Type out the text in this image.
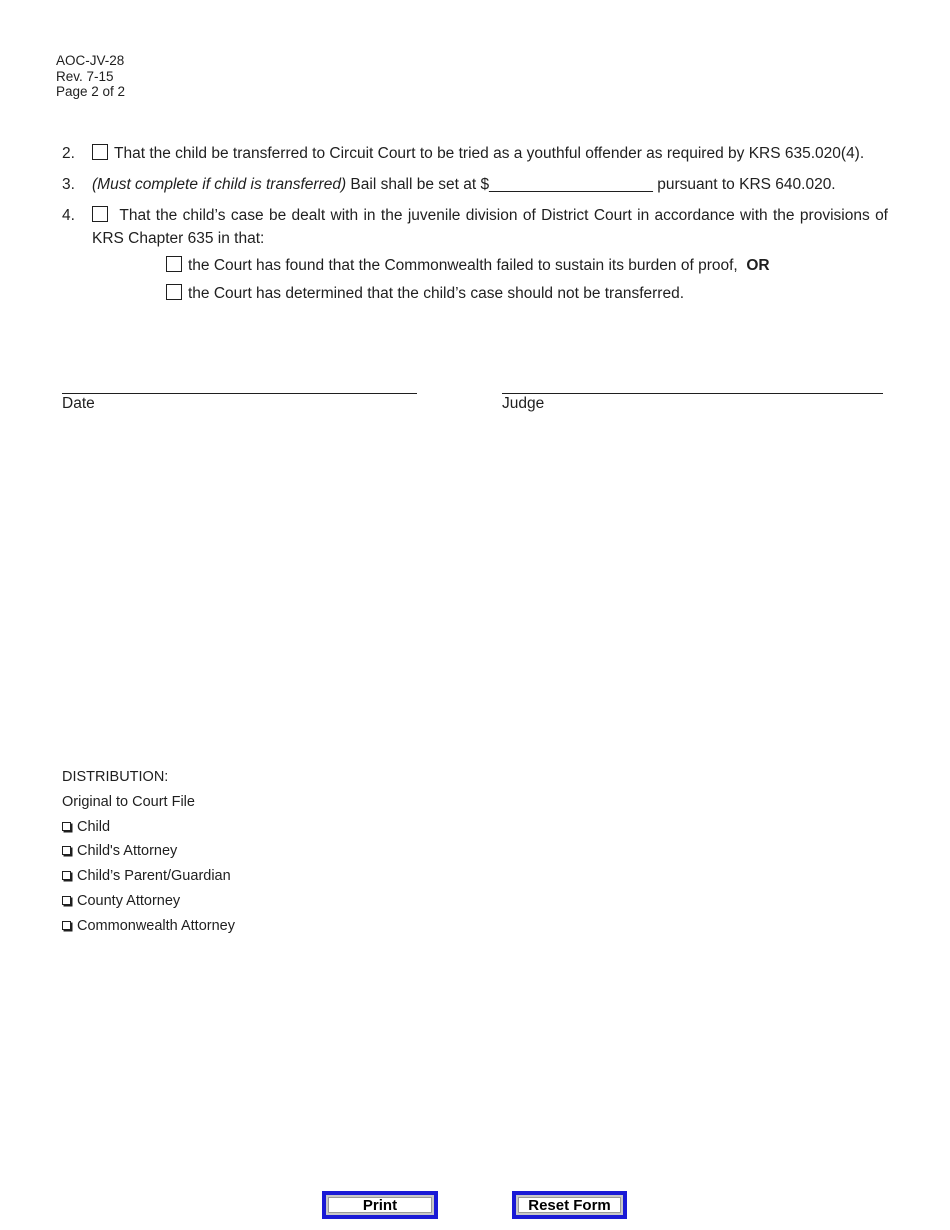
AOC-JV-28
Rev. 7-15
Page 2 of 2
2.	That the child be transferred to Circuit Court to be tried as a youthful offender as required by KRS 635.020(4).
3. (Must complete if child is transferred) Bail shall be set at $___________________ pursuant to KRS 640.020.
4.	That the child’s case be dealt with in the juvenile division of District Court in accordance with the provisions of KRS Chapter 635 in that:
the Court has found that the Commonwealth failed to sustain its burden of proof, OR
the Court has determined that the child’s case should not be transferred.
Date	Judge
DISTRIBUTION:
Original to Court File
Child
Child's Attorney
Child’s Parent/Guardian
County Attorney
Commonwealth Attorney
Print	Reset Form
